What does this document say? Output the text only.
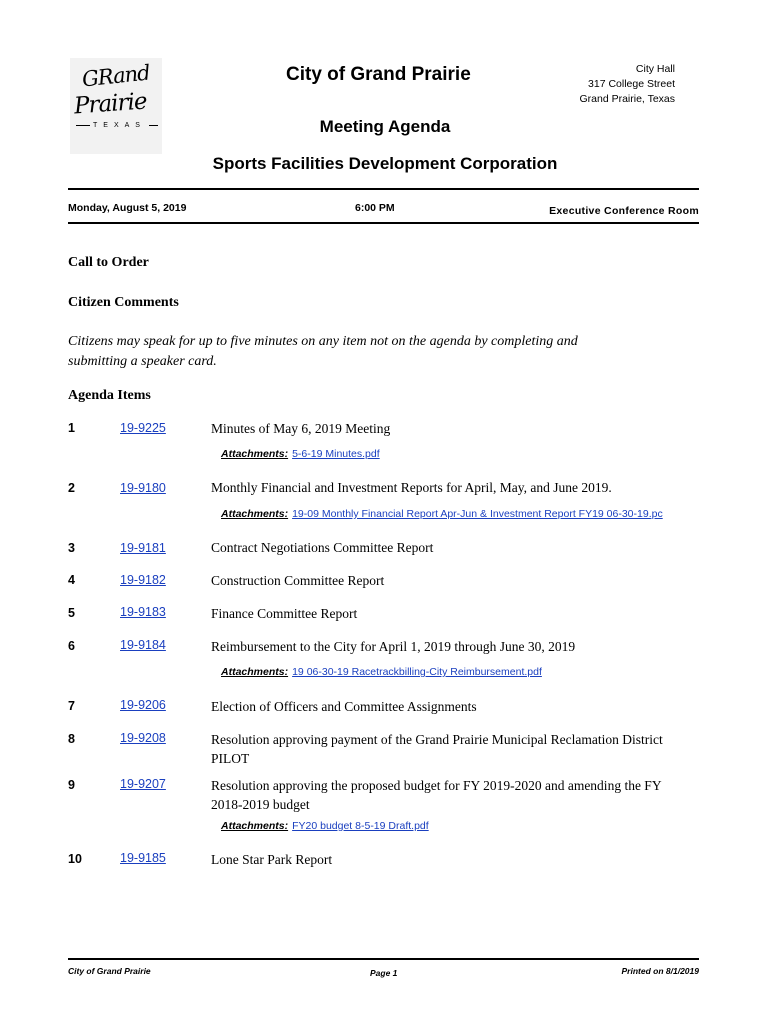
GRand
Prairie
TEXAS
City of Grand Prairie	City Hall
317 College Street
Grand Prairie, Texas
Meeting Agenda
Sports Facilities Development Corporation
Monday, August 5, 2019	6:00 PM	Executive Conference Room
Call to Order
Citizen Comments
Citizens may speak for up to five minutes on any item not on the agenda by completing and submitting a speaker card.
Agenda Items
1	19-9225	Minutes of May 6, 2019 Meeting
Attachments: 5-6-19 Minutes.pdf
2	19-9180	Monthly Financial and Investment Reports for April, May, and June 2019.
Attachments: 19-09 Monthly Financial Report Apr-Jun & Investment Report FY19 06-30-19.pc
3	19-9181	Contract Negotiations Committee Report
4	19-9182	Construction Committee Report
5	19-9183	Finance Committee Report
6	19-9184	Reimbursement to the City for April 1, 2019 through June 30, 2019
Attachments: 19 06-30-19 Racetrackbilling-City Reimbursement.pdf
7	19-9206	Election of Officers and Committee Assignments
8	19-9208	Resolution approving payment of the Grand Prairie Municipal Reclamation District PILOT
9	19-9207	Resolution approving the proposed budget for FY 2019-2020 and amending the FY 2018-2019 budget
Attachments: FY20 budget 8-5-19 Draft.pdf
10	19-9185	Lone Star Park Report
City of Grand Prairie	Page 1	Printed on 8/1/2019
